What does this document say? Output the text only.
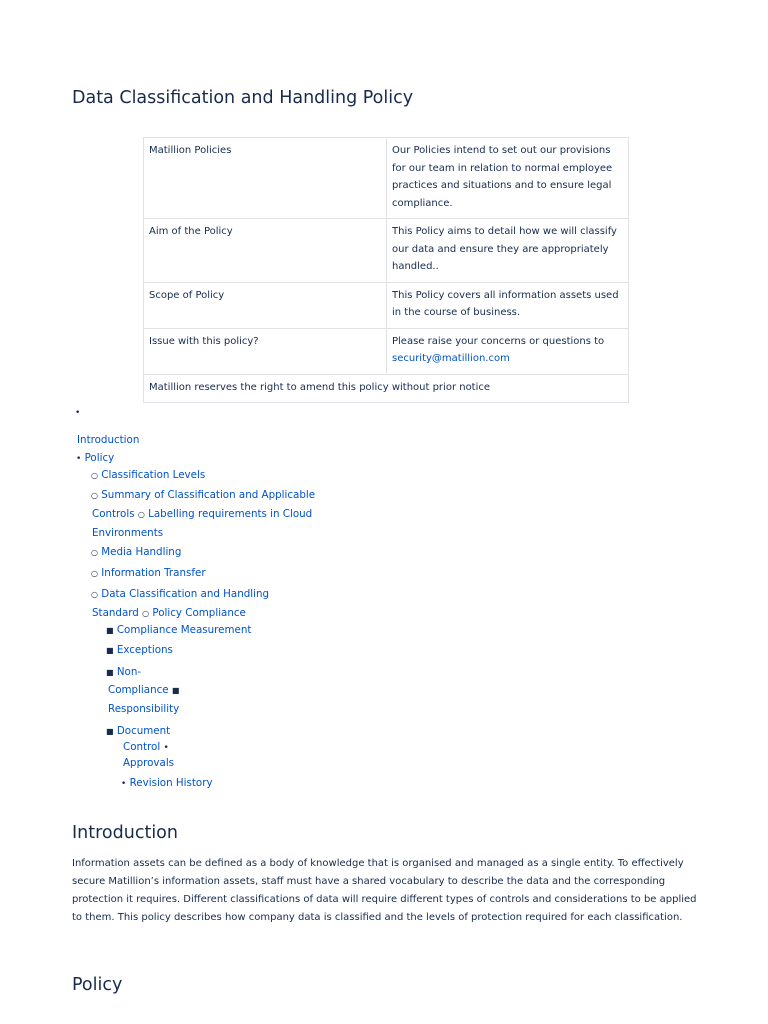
Data Classification and Handling Policy
Matillion Policies	Our Policies intend to set out our provisions for our team in relation to normal employee practices and situations and to ensure legal compliance.
Aim of the Policy	This Policy aims to detail how we will classify our data and ensure they are appropriately handled..
Scope of Policy	This Policy covers all information assets used in the course of business.
Issue with this policy?	Please raise your concerns or questions to security@matillion.com
Matillion reserves the right to amend this policy without prior notice	
•
Introduction
• Policy
○ Classification Levels
○ Summary of Classification and Applicable
Controls ○ Labelling requirements in Cloud
Environments
○ Media Handling
○ Information Transfer
○ Data Classification and Handling
Standard ○ Policy Compliance
■ Compliance Measurement
■ Exceptions
■ Non-
Compliance ■
Responsibility
■ Document
Control •
Approvals
• Revision History
Introduction

Information assets can be defined as a body of knowledge that is organised and managed as a single entity. To effectively secure Matillion’s information assets, staff must have a shared vocabulary to describe the data and the corresponding protection it requires. Different classifications of data will require different types of controls and considerations to be applied to them. This policy describes how company data is classified and the levels of protection required for each classification.

Policy
